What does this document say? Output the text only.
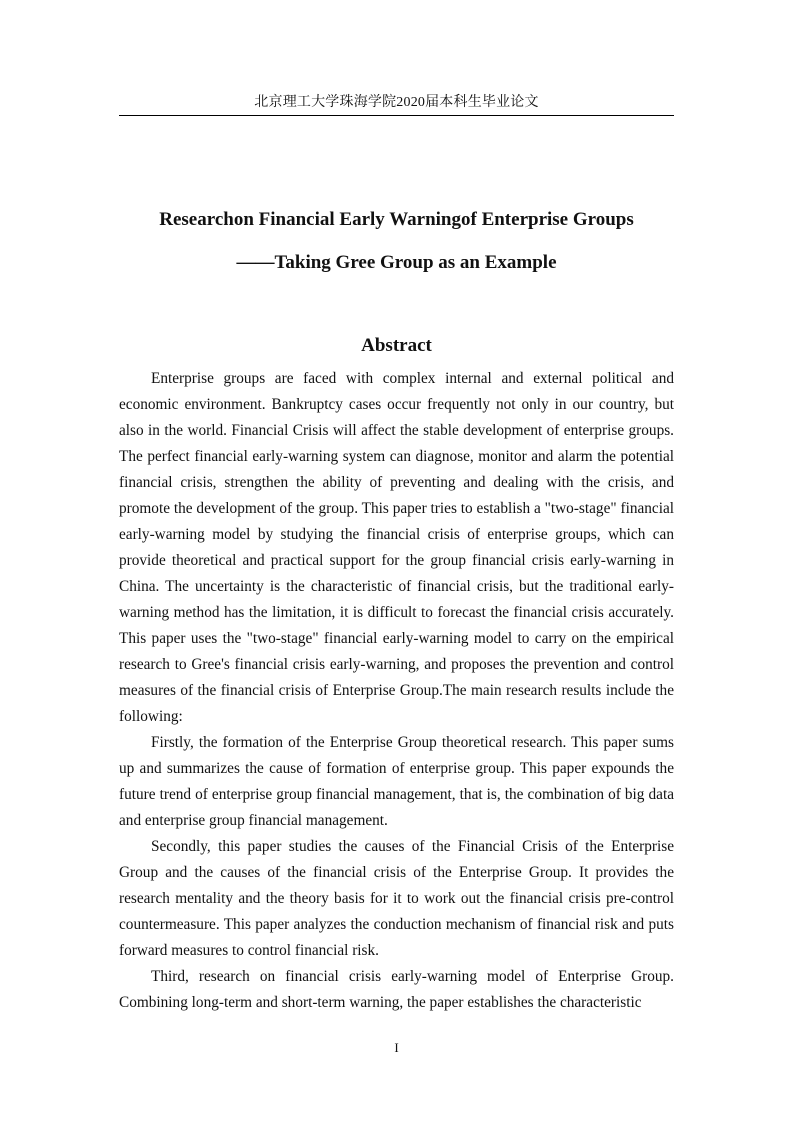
北京理工大学珠海学院2020届本科生毕业论文
Researchon Financial Early Warningof Enterprise Groups
——Taking Gree Group as an Example
Abstract

Enterprise groups are faced with complex internal and external political and economic environment. Bankruptcy cases occur frequently not only in our country, but also in the world. Financial Crisis will affect the stable development of enterprise groups. The perfect financial early-warning system can diagnose, monitor and alarm the potential financial crisis, strengthen the ability of preventing and dealing with the crisis, and promote the development of the group. This paper tries to establish a "two-stage" financial early-warning model by studying the financial crisis of enterprise groups, which can provide theoretical and practical support for the group financial crisis early-warning in China. The uncertainty is the characteristic of financial crisis, but the traditional early-warning method has the limitation, it is difficult to forecast the financial crisis accurately. This paper uses the "two-stage" financial early-warning model to carry on the empirical research to Gree's financial crisis early-warning, and proposes the prevention and control measures of the financial crisis of Enterprise Group.The main research results include the following:

Firstly, the formation of the Enterprise Group theoretical research. This paper sums up and summarizes the cause of formation of enterprise group. This paper expounds the future trend of enterprise group financial management, that is, the combination of big data and enterprise group financial management.

Secondly, this paper studies the causes of the Financial Crisis of the Enterprise Group and the causes of the financial crisis of the Enterprise Group. It provides the research mentality and the theory basis for it to work out the financial crisis pre-control countermeasure. This paper analyzes the conduction mechanism of financial risk and puts forward measures to control financial risk.

Third, research on financial crisis early-warning model of Enterprise Group. Combining long-term and short-term warning, the paper establishes the characteristic

I
